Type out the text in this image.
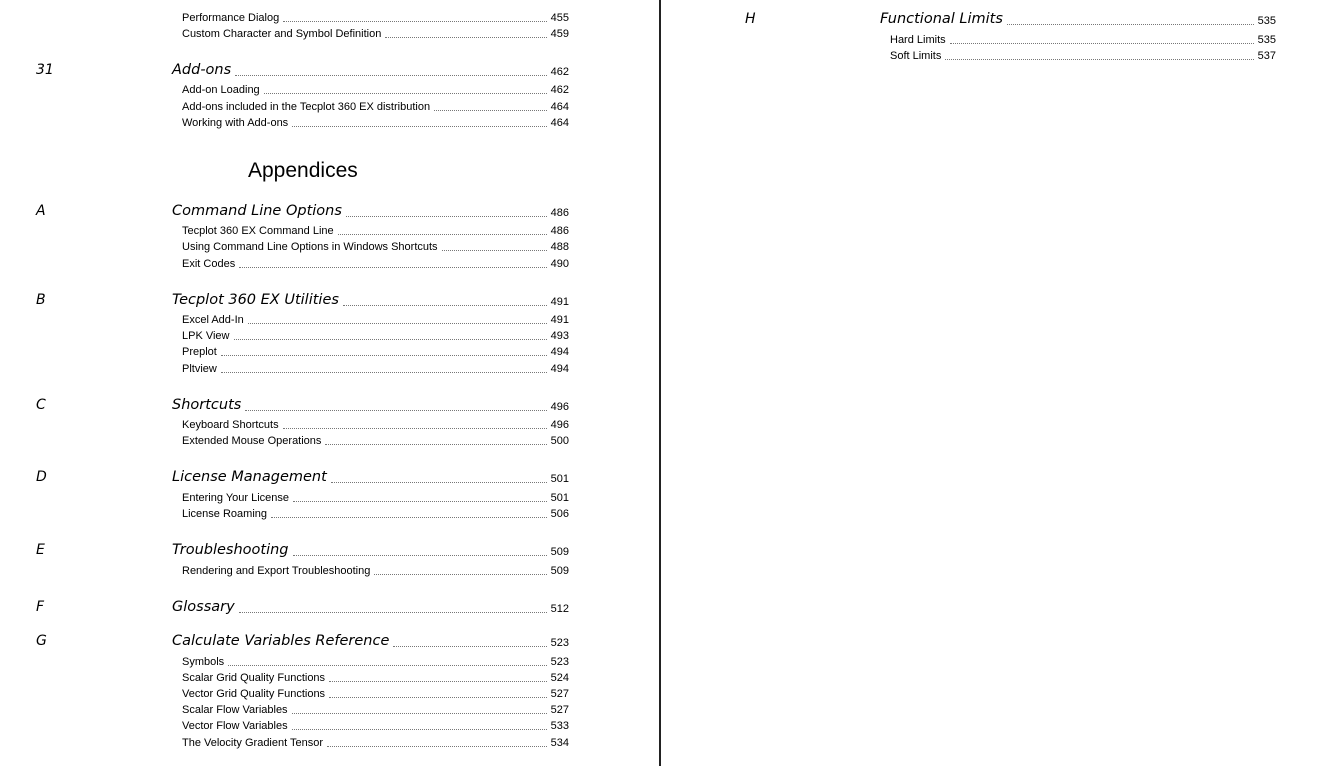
Performance Dialog	455
Custom Character and Symbol Definition	459
31	Add-ons	462
Add-on Loading	462
Add-ons included in the Tecplot 360 EX distribution	464
Working with Add-ons	464
Appendices
A	Command Line Options	486
Tecplot 360 EX Command Line	486
Using Command Line Options in Windows Shortcuts	488
Exit Codes	490
B	Tecplot 360 EX Utilities	491
Excel Add-In	491
LPK View	493
Preplot	494
Pltview	494
C	Shortcuts	496
Keyboard Shortcuts	496
Extended Mouse Operations	500
D	License Management	501
Entering Your License	501
License Roaming	506
E	Troubleshooting	509
Rendering and Export Troubleshooting	509
F	Glossary	512
G	Calculate Variables Reference	523
Symbols	523
Scalar Grid Quality Functions	524
Vector Grid Quality Functions	527
Scalar Flow Variables	527
Vector Flow Variables	533
The Velocity Gradient Tensor	534
H	Functional Limits	535
Hard Limits	535
Soft Limits	537
